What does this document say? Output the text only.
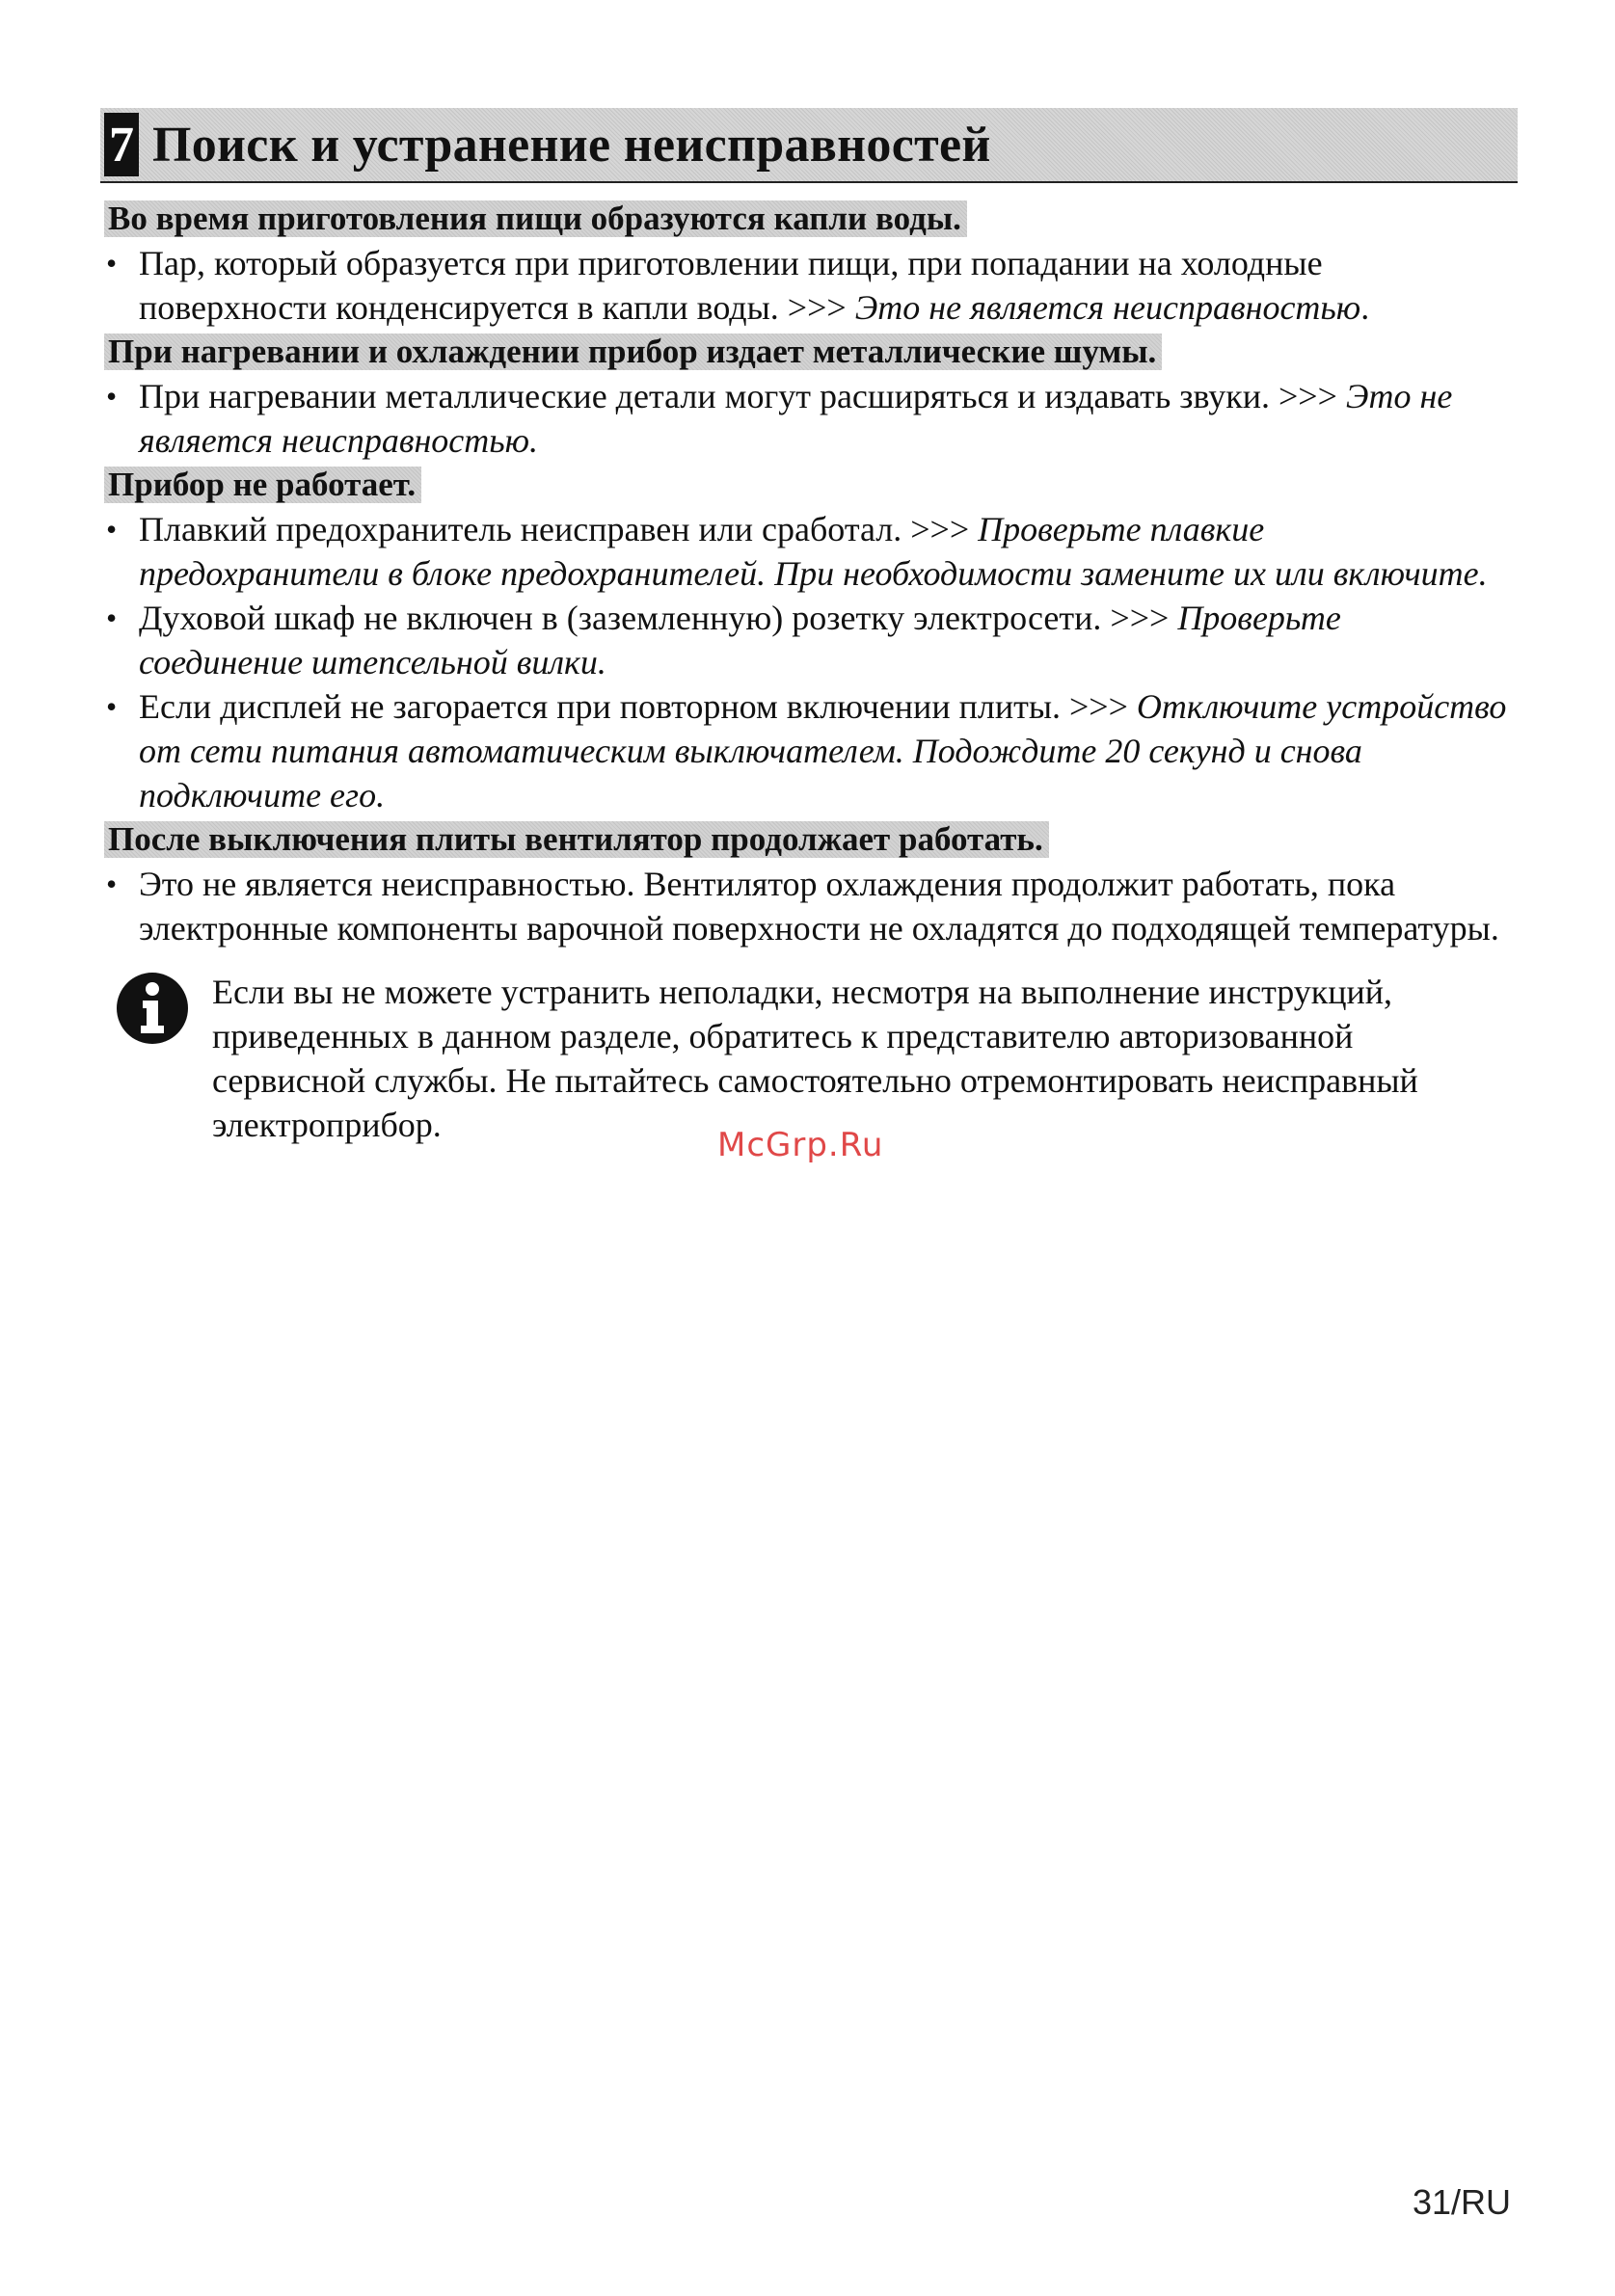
7 Поиск и устранение неисправностей
Во время приготовления пищи образуются капли воды.
• Пар, который образуется при приготовлении пищи, при попадании на холодные поверхности конденсируется в капли воды. >>> Это не является неисправностью.
При нагревании и охлаждении прибор издает металлические шумы.
• При нагревании металлические детали могут расширяться и издавать звуки. >>> Это не является неисправностью.
Прибор не работает.
• Плавкий предохранитель неисправен или сработал. >>> Проверьте плавкие предохранители в блоке предохранителей. При необходимости замените их или включите.
• Духовой шкаф не включен в (заземленную) розетку электросети. >>> Проверьте соединение штепсельной вилки.
• Если дисплей не загорается при повторном включении плиты. >>> Отключите устройство от сети питания автоматическим выключателем. Подождите 20 секунд и снова подключите его.
После выключения плиты вентилятор продолжает работать.
• Это не является неисправностью. Вентилятор охлаждения продолжит работать, пока электронные компоненты варочной поверхности не охладятся до подходящей температуры.
Если вы не можете устранить неполадки, несмотря на выполнение инструкций, приведенных в данном разделе, обратитесь к представителю авторизованной сервисной службы. Не пытайтесь самостоятельно отремонтировать неисправный электроприбор.
McGrp.Ru
31/RU
